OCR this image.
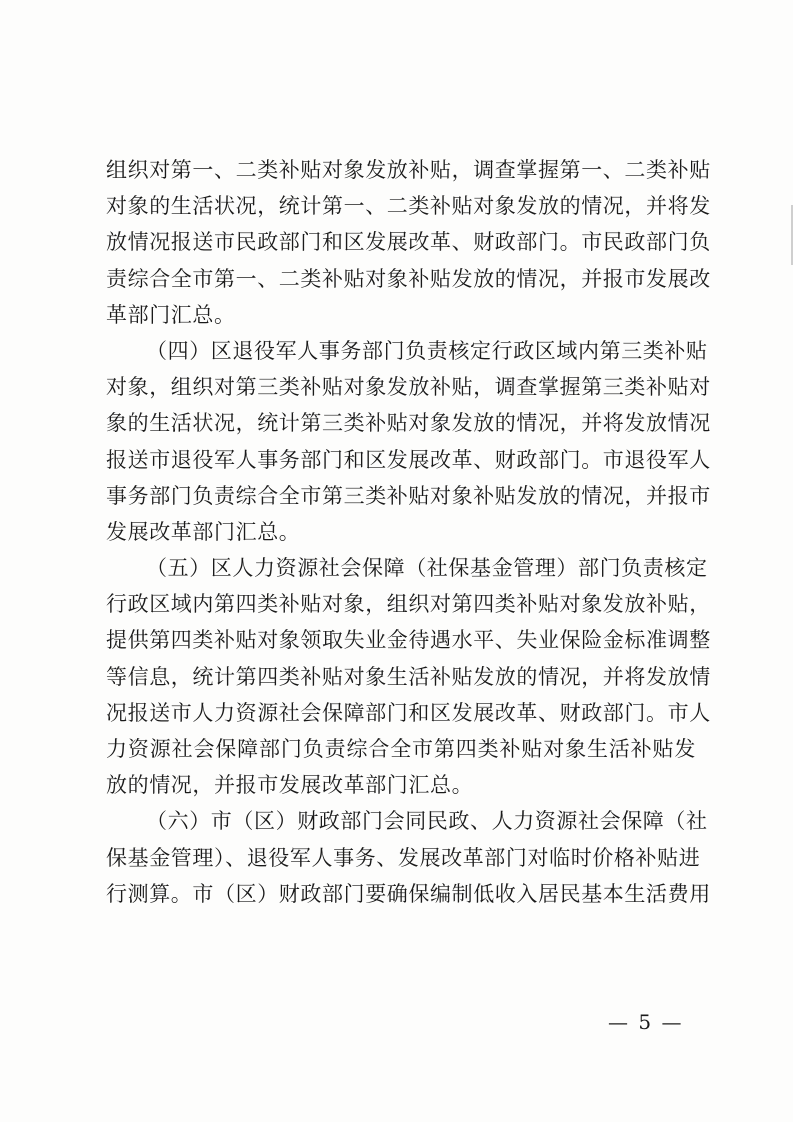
组织对第一、二类补贴对象发放补贴，调查掌握第一、二类补贴
对象的生活状况，统计第一、二类补贴对象发放的情况，并将发
放情况报送市民政部门和区发展改革、财政部门。市民政部门负
责综合全市第一、二类补贴对象补贴发放的情况，并报市发展改
革部门汇总。
（四）区退役军人事务部门负责核定行政区域内第三类补贴
对象，组织对第三类补贴对象发放补贴，调查掌握第三类补贴对
象的生活状况，统计第三类补贴对象发放的情况，并将发放情况
报送市退役军人事务部门和区发展改革、财政部门。市退役军人
事务部门负责综合全市第三类补贴对象补贴发放的情况，并报市
发展改革部门汇总。
（五）区人力资源社会保障（社保基金管理）部门负责核定
行政区域内第四类补贴对象，组织对第四类补贴对象发放补贴，
提供第四类补贴对象领取失业金待遇水平、失业保险金标准调整
等信息，统计第四类补贴对象生活补贴发放的情况，并将发放情
况报送市人力资源社会保障部门和区发展改革、财政部门。市人
力资源社会保障部门负责综合全市第四类补贴对象生活补贴发
放的情况，并报市发展改革部门汇总。
（六）市（区）财政部门会同民政、人力资源社会保障（社
保基金管理）、退役军人事务、发展改革部门对临时价格补贴进
行测算。市（区）财政部门要确保编制低收入居民基本生活费用
— 5 —
